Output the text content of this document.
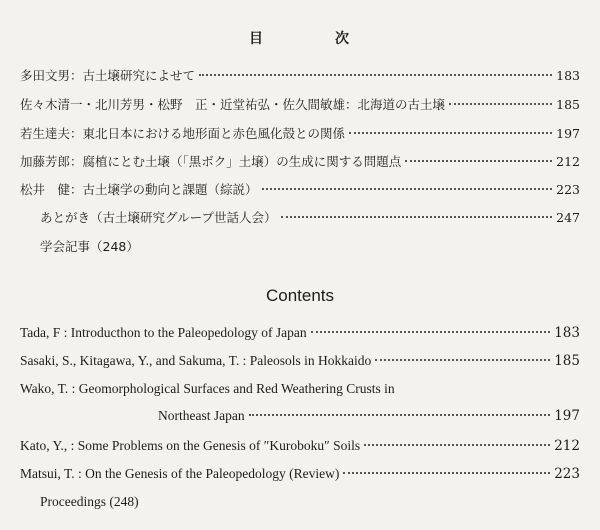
目	次
多田文男：古土壌研究によせて	183
佐々木清一・北川芳男・松野　正・近堂祐弘・佐久間敏雄：北海道の古土壌	185
若生達夫：東北日本における地形面と赤色風化殻との関係	197
加藤芳郎：腐植にとむ土壌（「黒ボク」土壌）の生成に関する問題点	212
松井　健：古土壌学の動向と課題（綜説）	223
あとがき（古土壌研究グループ世話人会）	247
学会記事（248）
Contents
Tada, F : Introducthon to the Paleopedology of Japan	183
Sasaki, S., Kitagawa, Y., and Sakuma, T. : Paleosols in Hokkaido	185
Wako, T. : Geomorphological Surfaces and Red Weathering Crusts in
Northeast Japan	197
Kato, Y., : Some Problems on the Genesis of ″Kuroboku″ Soils	212
Matsui, T. : On the Genesis of the Paleopedology (Review)	223
Proceedings (248)
